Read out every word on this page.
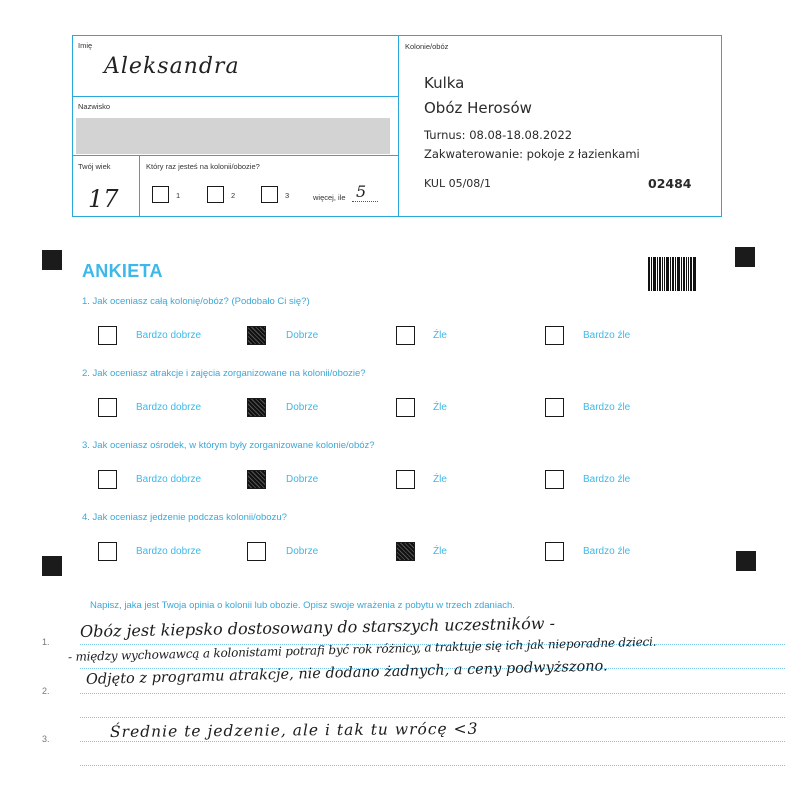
Imię
Aleksandra
Nazwisko
Twój wiek
17
Który raz jesteś na kolonii/obozie?
1	2	3	więcej, ile 5
Kolonie/obóz
Kulka
Obóz Herosów
Turnus: 08.08-18.08.2022
Zakwaterowanie: pokoje z łazienkami
KUL 05/08/1	02484
ANKIETA
1. Jak oceniasz całą kolonię/obóz? (Podobało Ci się?)
Bardzo dobrze	Dobrze	Źle	Bardzo źle
2. Jak oceniasz atrakcje i zajęcia zorganizowane na kolonii/obozie?
Bardzo dobrze	Dobrze	Źle	Bardzo źle
3. Jak oceniasz ośrodek, w którym były zorganizowane kolonie/obóz?
Bardzo dobrze	Dobrze	Źle	Bardzo źle
4. Jak oceniasz jedzenie podczas kolonii/obozu?
Bardzo dobrze	Dobrze	Źle	Bardzo źle
Napisz, jaka jest Twoja opinia o kolonii lub obozie. Opisz swoje wrażenia z pobytu w trzech zdaniach.
1.
2.
3.
Obóz jest kiepsko dostosowany do starszych uczestników -
- między wychowawcą a kolonistami potrafi być rok różnicy, a traktuje się ich jak nieporadne dzieci.
Odjęto z programu atrakcje, nie dodano żadnych, a ceny podwyższono.
Średnie te jedzenie, ale i tak tu wrócę <3
